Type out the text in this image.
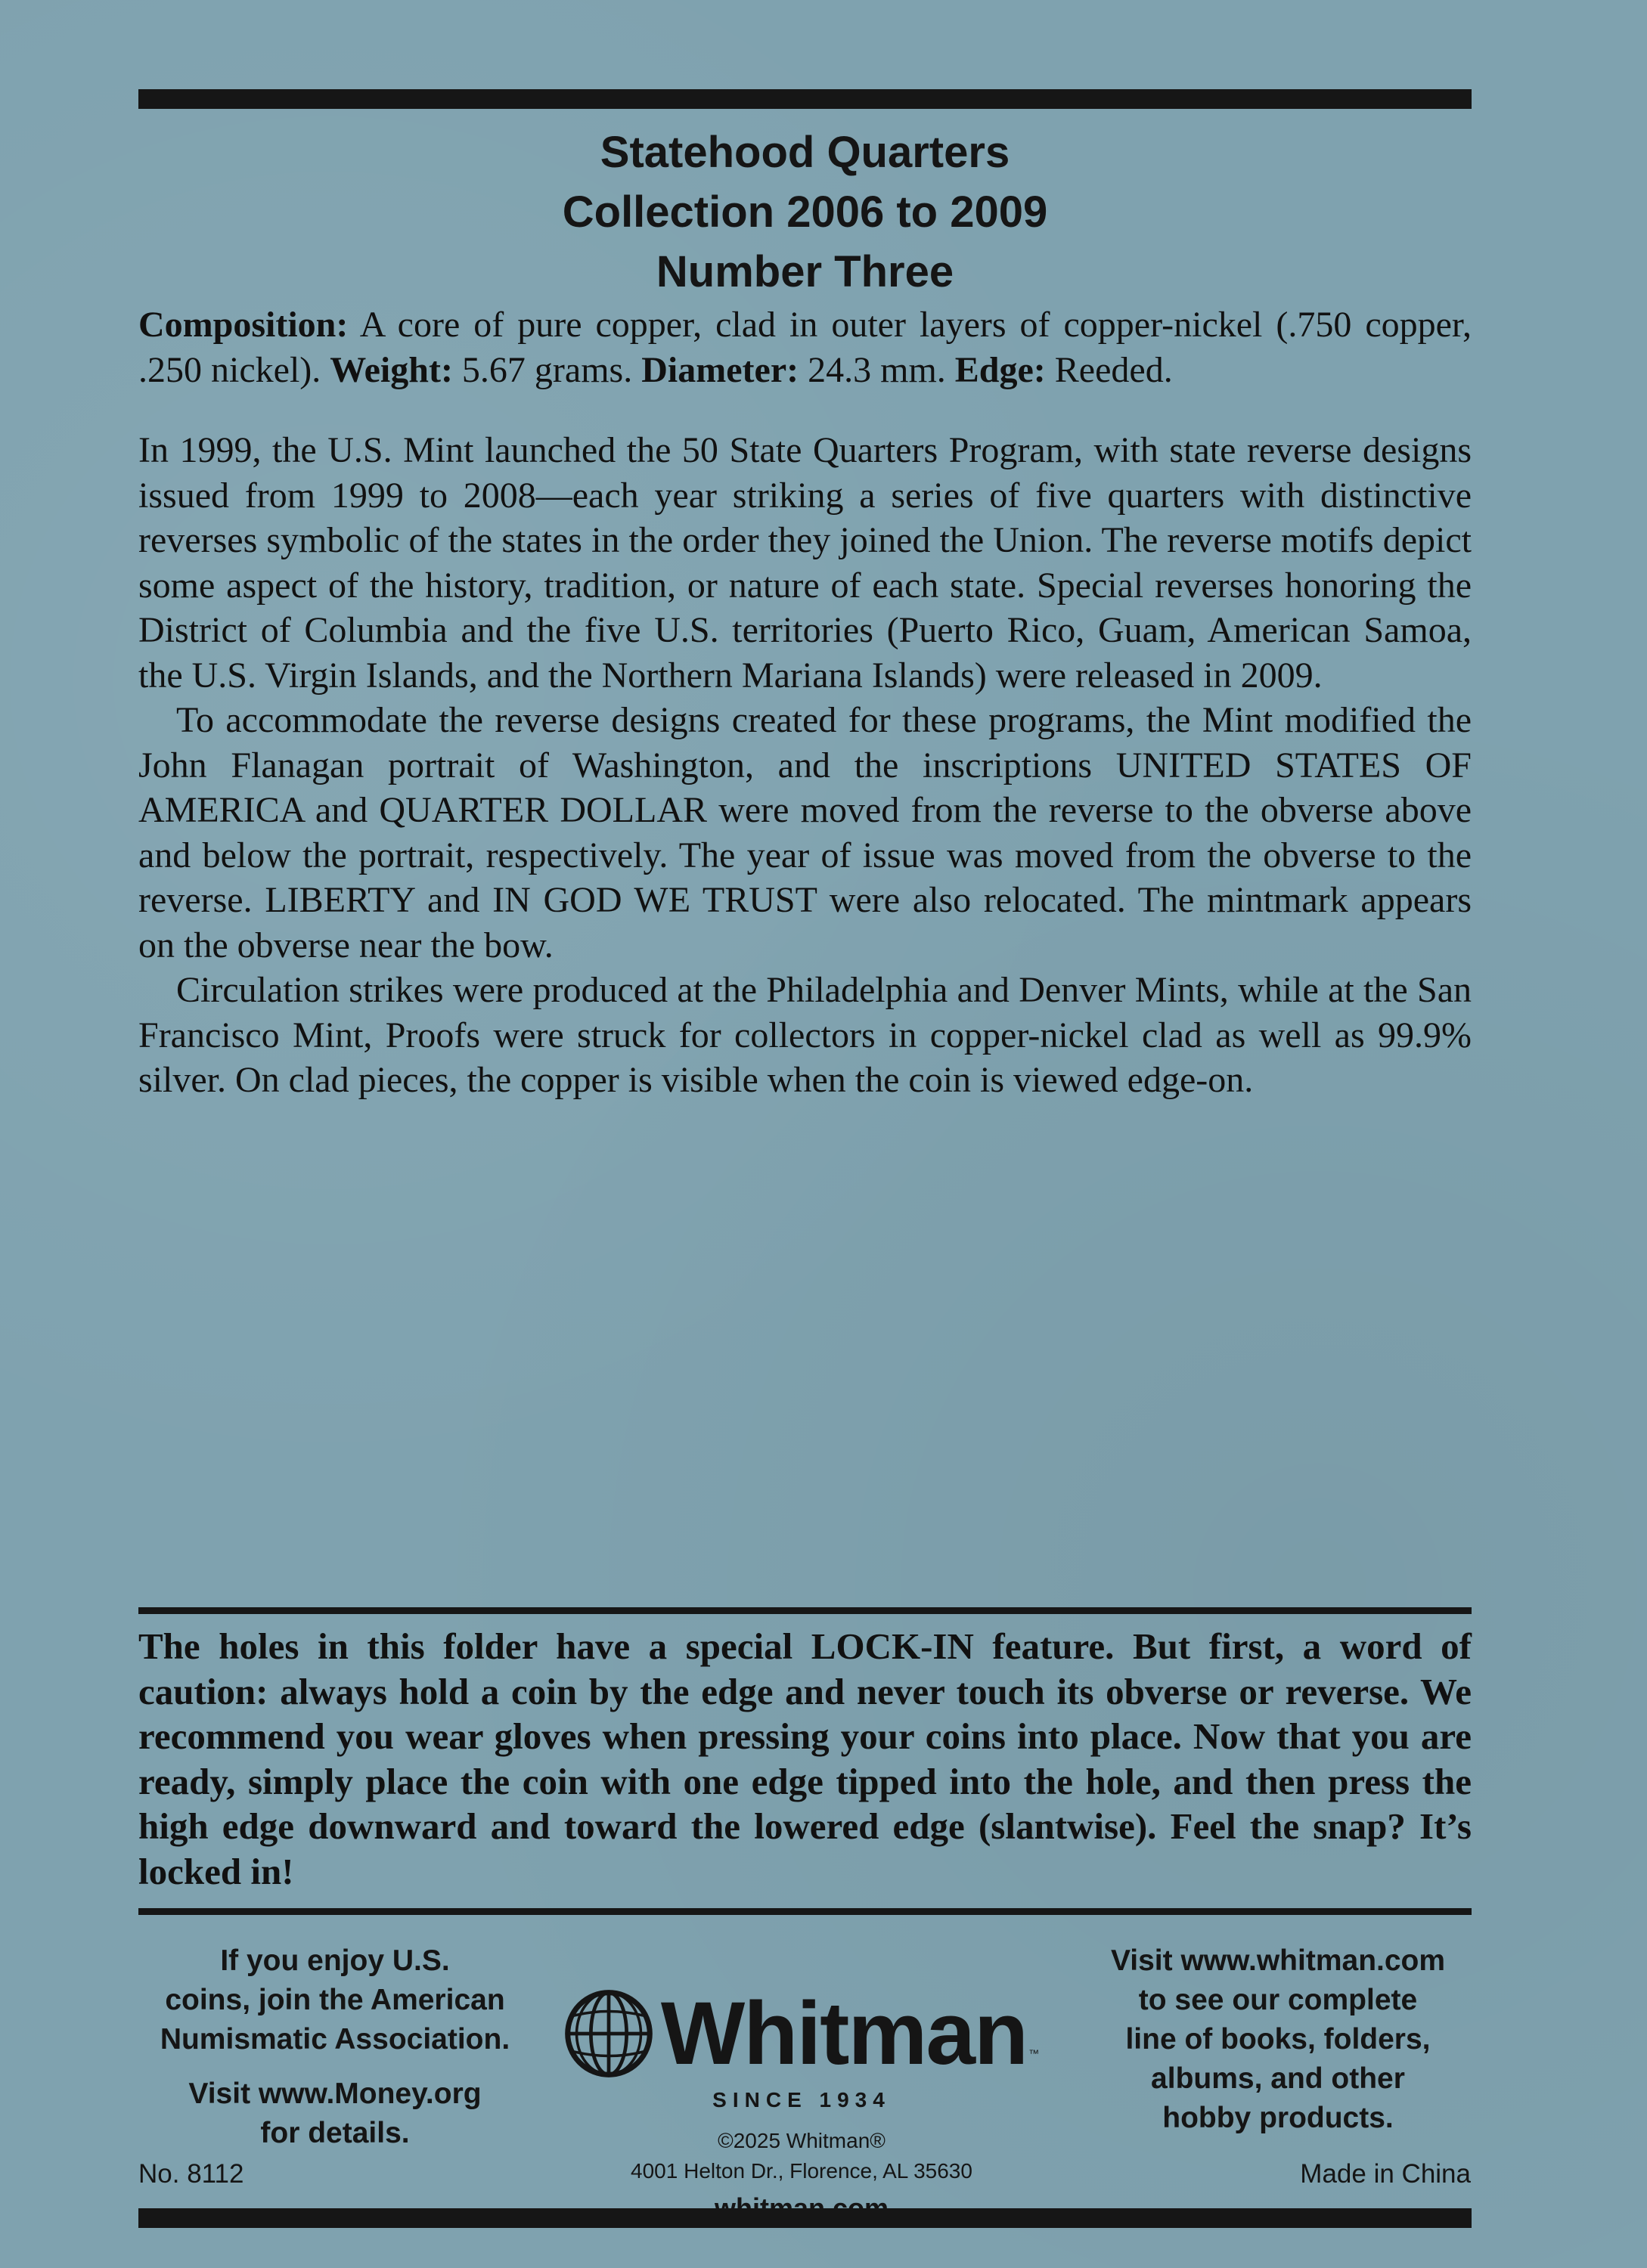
Statehood Quarters
Collection 2006 to 2009
Number Three
Composition: A core of pure copper, clad in outer layers of copper-nickel (.750 copper, .250 nickel). Weight: 5.67 grams. Diameter: 24.3 mm. Edge: Reeded.

In 1999, the U.S. Mint launched the 50 State Quarters Program, with state reverse designs issued from 1999 to 2008—each year striking a series of five quarters with distinctive reverses symbolic of the states in the order they joined the Union. The reverse motifs depict some aspect of the history, tradition, or nature of each state. Special reverses honoring the District of Columbia and the five U.S. territories (Puerto Rico, Guam, American Samoa, the U.S. Virgin Islands, and the Northern Mariana Islands) were released in 2009.

To accommodate the reverse designs created for these programs, the Mint modified the John Flanagan portrait of Washington, and the inscriptions UNITED STATES OF AMERICA and QUARTER DOLLAR were moved from the reverse to the obverse above and below the portrait, respectively. The year of issue was moved from the obverse to the reverse. LIBERTY and IN GOD WE TRUST were also relocated. The mintmark appears on the obverse near the bow.

Circulation strikes were produced at the Philadelphia and Denver Mints, while at the San Francisco Mint, Proofs were struck for collectors in copper-nickel clad as well as 99.9% silver. On clad pieces, the copper is visible when the coin is viewed edge-on.

The holes in this folder have a special LOCK-IN feature. But first, a word of caution: always hold a coin by the edge and never touch its obverse or reverse. We recommend you wear gloves when pressing your coins into place. Now that you are ready, simply place the coin with one edge tipped into the hole, and then press the high edge downward and toward the lowered edge (slantwise). Feel the snap? It’s locked in!
If you enjoy U.S.
coins, join the American
Numismatic Association.
Visit www.Money.org
for details.
Whitman ™
SINCE 1934
©2025 Whitman®
4001 Helton Dr., Florence, AL 35630
Visit www.whitman.com
to see our complete
line of books, folders,
albums, and other
hobby products.
No. 8112	Made in China
